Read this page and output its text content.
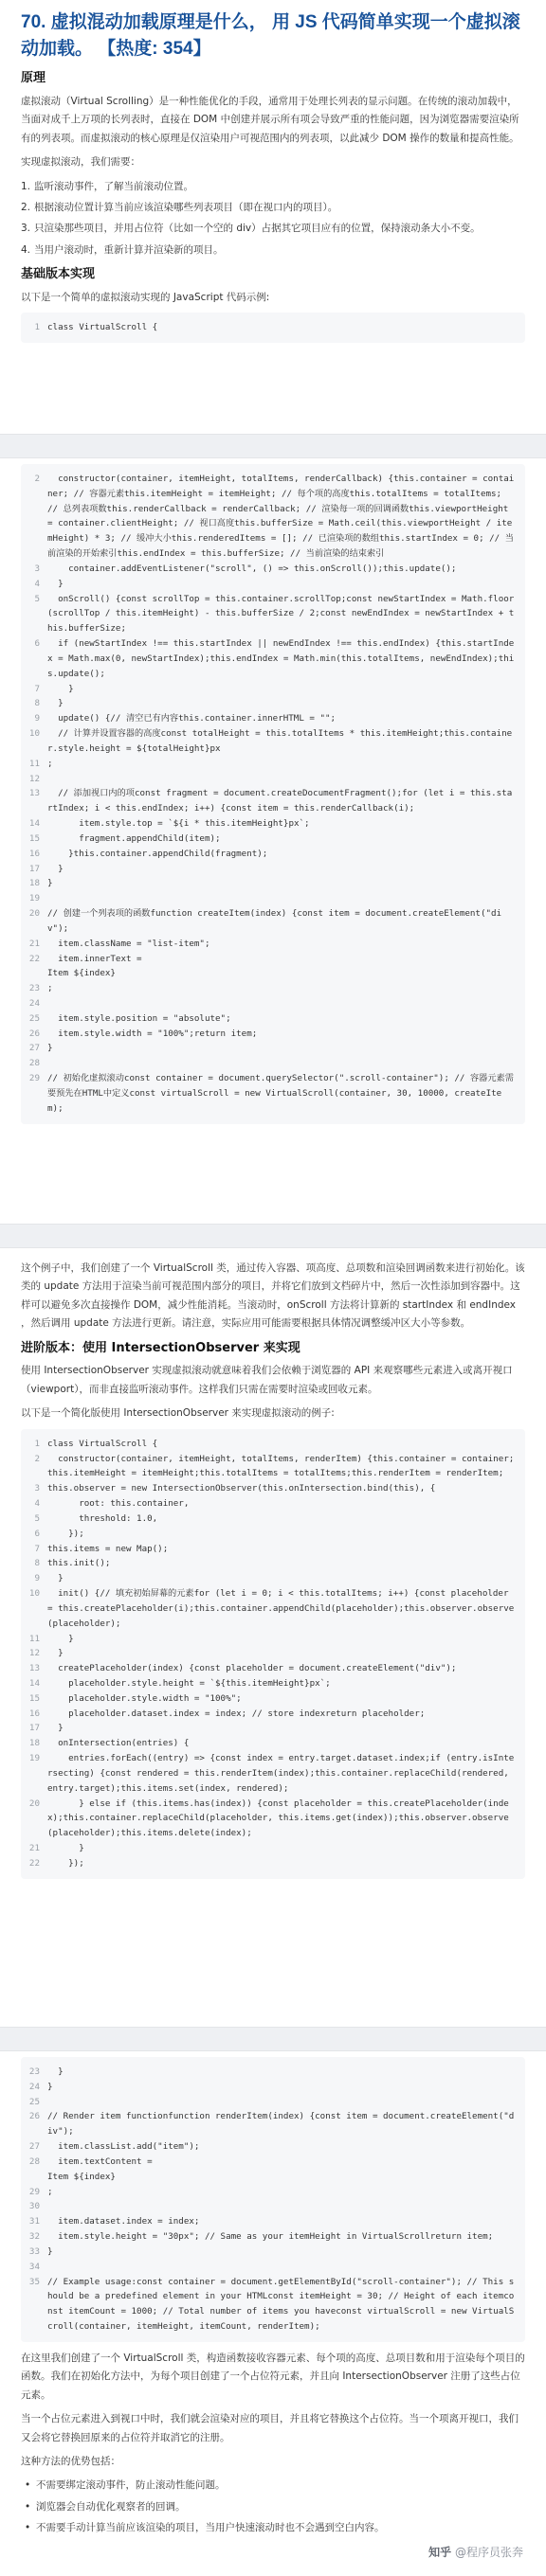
70. 虚拟混动加载原理是什么， 用 JS 代码简单实现一个虚拟滚动加载。 【热度: 354】
原理

虚拟滚动（Virtual Scrolling）是一种性能优化的手段，通常用于处理长列表的显示问题。在传统的滚动加载中，当面对成千上万项的长列表时，直接在 DOM 中创建并展示所有项会导致严重的性能问题，因为浏览器需要渲染所有的列表项。而虚拟滚动的核心原理是仅渲染用户可视范围内的列表项，以此减少 DOM 操作的数量和提高性能。

实现虚拟滚动，我们需要：

1. 监听滚动事件，了解当前滚动位置。
2. 根据滚动位置计算当前应该渲染哪些列表项目（即在视口内的项目）。
3. 只渲染那些项目，并用占位符（比如一个空的 div）占据其它项目应有的位置，保持滚动条大小不变。
4. 当用户滚动时，重新计算并渲染新的项目。
基础版本实现

以下是一个简单的虚拟滚动实现的 JavaScript 代码示例:

1 class VirtualScroll {
2 constructor(container, itemHeight, totalItems, renderCallback) {this.container = container; // 容器元素this.itemHeight = itemHeight; // 每个项的高度this.totalItems = totalItems; // 总列表项数this.renderCallback = renderCallback; // 渲染每一项的回调函数this.viewportHeight = container.clientHeight; // 视口高度this.bufferSize = Math.ceil(this.viewportHeight / itemHeight) * 3; // 缓冲大小this.renderedItems = []; // 已渲染项的数组this.startIndex = 0; // 当前渲染的开始索引this.endIndex = this.bufferSize; // 当前渲染的结束索引
3 container.addEventListener("scroll", () => this.onScroll());this.update();
4 }
5 onScroll() {const scrollTop = this.container.scrollTop;const newStartIndex = Math.floor(scrollTop / this.itemHeight) - this.bufferSize / 2;const newEndIndex = newStartIndex + this.bufferSize;
6 if (newStartIndex !== this.startIndex || newEndIndex !== this.endIndex) {this.startIndex = Math.max(0, newStartIndex);this.endIndex = Math.min(this.totalItems, newEndIndex);this.update();
7 }
8 }
9 update() {// 清空已有内容this.container.innerHTML = "";
10 // 计算并设置容器的高度const totalHeight = this.totalItems * this.itemHeight;this.container.style.height = ${totalHeight}px
11 ;
12
13 // 添加视口内的项const fragment = document.createDocumentFragment();for (let i = this.startIndex; i < this.endIndex; i++) {const item = this.renderCallback(i);
14 item.style.top = `${i * this.itemHeight}px`;
15 fragment.appendChild(item);
16 }this.container.appendChild(fragment);
17 }
18 }
19
20 // 创建一个列表项的函数function createItem(index) {const item = document.createElement("div");
21 item.className = "list-item";
22 item.innerText =
Item ${index}
23 ;
24
25 item.style.position = "absolute";
26 item.style.width = "100%";return item;
27 }
28
29 // 初始化虚拟滚动const container = document.querySelector(".scroll-container"); // 容器元素需要预先在HTML中定义const virtualScroll = new VirtualScroll(container, 30, 10000, createItem);

这个例子中，我们创建了一个 VirtualScroll 类，通过传入容器、项高度、总项数和渲染回调函数来进行初始化。该类的 update 方法用于渲染当前可视范围内部分的项目，并将它们放到文档碎片中，然后一次性添加到容器中。这样可以避免多次直接操作 DOM，减少性能消耗。当滚动时，onScroll 方法将计算新的 startIndex 和 endIndex ，然后调用 update 方法进行更新。请注意，实际应用可能需要根据具体情况调整缓冲区大小等参数。

进阶版本：使用 IntersectionObserver 来实现

使用 IntersectionObserver 实现虚拟滚动就意味着我们会依赖于浏览器的 API 来观察哪些元素进入或离开视口（viewport），而非直接监听滚动事件。这样我们只需在需要时渲染或回收元素。

以下是一个简化版使用 IntersectionObserver 来实现虚拟滚动的例子:

1 class VirtualScroll {
2 constructor(container, itemHeight, totalItems, renderItem) {this.container = container;this.itemHeight = itemHeight;this.totalItems = totalItems;this.renderItem = renderItem;
3 this.observer = new IntersectionObserver(this.onIntersection.bind(this), {
4 root: this.container,
5 threshold: 1.0,
6 });
7 this.items = new Map();
8 this.init();
9 }
10 init() {// 填充初始屏幕的元素for (let i = 0; i < this.totalItems; i++) {const placeholder = this.createPlaceholder(i);this.container.appendChild(placeholder);this.observer.observe(placeholder);
11 }
12 }
13 createPlaceholder(index) {const placeholder = document.createElement("div");
14 placeholder.style.height = `${this.itemHeight}px`;
15 placeholder.style.width = "100%";
16 placeholder.dataset.index = index; // store indexreturn placeholder;
17 }
18 onIntersection(entries) {
19 entries.forEach((entry) => {const index = entry.target.dataset.index;if (entry.isIntersecting) {const rendered = this.renderItem(index);this.container.replaceChild(rendered, entry.target);this.items.set(index, rendered);
20 } else if (this.items.has(index)) {const placeholder = this.createPlaceholder(index);this.container.replaceChild(placeholder, this.items.get(index));this.observer.observe(placeholder);this.items.delete(index);
21 }
22 });
23 }
24 }
25
26 // Render item functionfunction renderItem(index) {const item = document.createElement("div");
27 item.classList.add("item");
28 item.textContent =
Item ${index}
29 ;
30
31 item.dataset.index = index;
32 item.style.height = "30px"; // Same as your itemHeight in VirtualScrollreturn item;
33 }
34
35 // Example usage:const container = document.getElementById("scroll-container"); // This should be a predefined element in your HTMLconst itemHeight = 30; // Height of each itemconst itemCount = 1000; // Total number of items you haveconst virtualScroll = new VirtualScroll(container, itemHeight, itemCount, renderItem);

在这里我们创建了一个 VirtualScroll 类，构造函数接收容器元素、每个项的高度、总项目数和用于渲染每个项目的函数。我们在初始化方法中，为每个项目创建了一个占位符元素，并且向 IntersectionObserver 注册了这些占位元素。

当一个占位元素进入到视口中时，我们就会渲染对应的项目，并且将它替换这个占位符。当一个项离开视口，我们又会将它替换回原来的占位符并取消它的注册。

这种方法的优势包括：

• 不需要绑定滚动事件，防止滚动性能问题。
• 浏览器会自动优化观察者的回调。
• 不需要手动计算当前应该渲染的项目，当用户快速滚动时也不会遇到空白内容。
知乎 @程序员张奔
